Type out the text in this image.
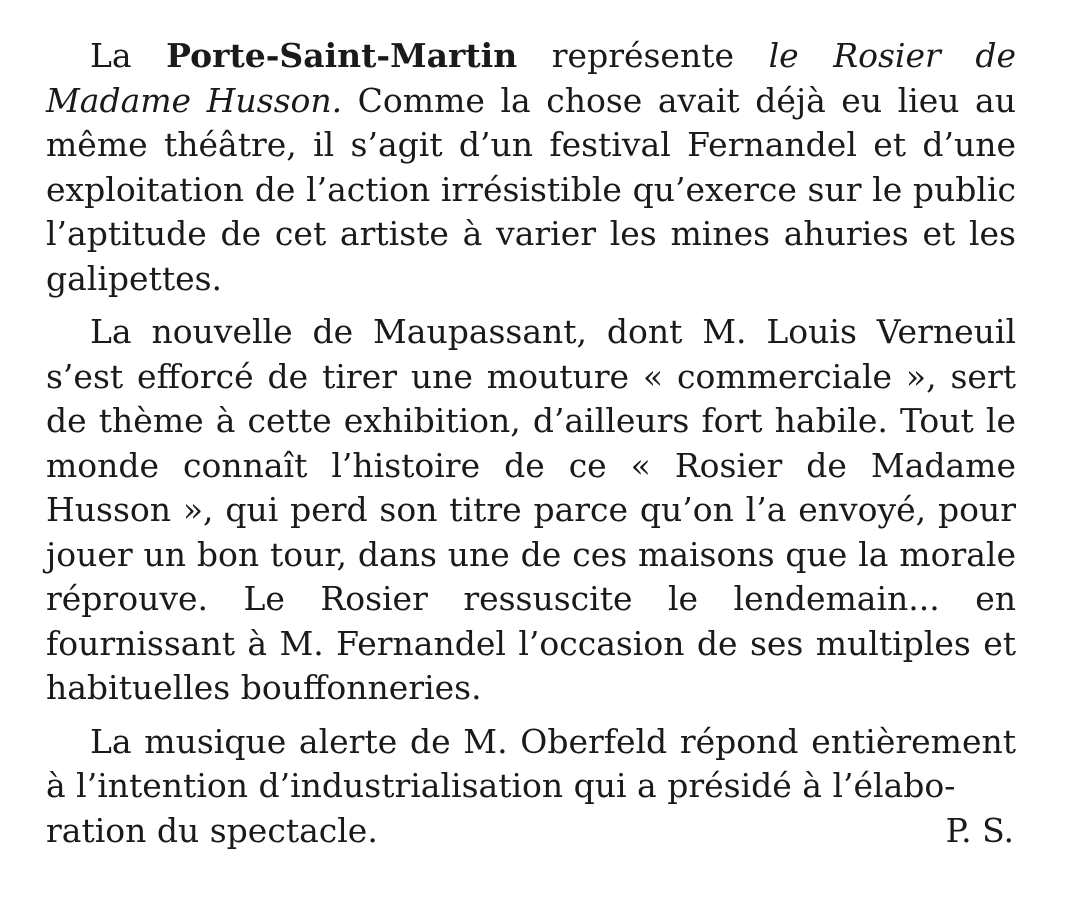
La Porte-Saint-Martin représente le Rosier de Madame Husson. Comme la chose avait déjà eu lieu au même théâtre, il s’agit d’un festival Fernandel et d’une exploitation de l’action irrésistible qu’exerce sur le public l’aptitude de cet artiste à varier les mines ahuries et les galipettes.

La nouvelle de Maupassant, dont M. Louis Verneuil s’est efforcé de tirer une mouture « commerciale », sert de thème à cette exhibition, d’ailleurs fort habile. Tout le monde connaît l’histoire de ce « Rosier de Madame Husson », qui perd son titre parce qu’on l’a envoyé, pour jouer un bon tour, dans une de ces maisons que la morale réprouve. Le Rosier ressuscite le lendemain... en fournissant à M. Fernandel l’occasion de ses multiples et habituelles bouffonneries.

La musique alerte de M. Oberfeld répond entièrement à l’intention d’industrialisation qui a présidé à l’élabo-
ration du spectacle.	P. S.
